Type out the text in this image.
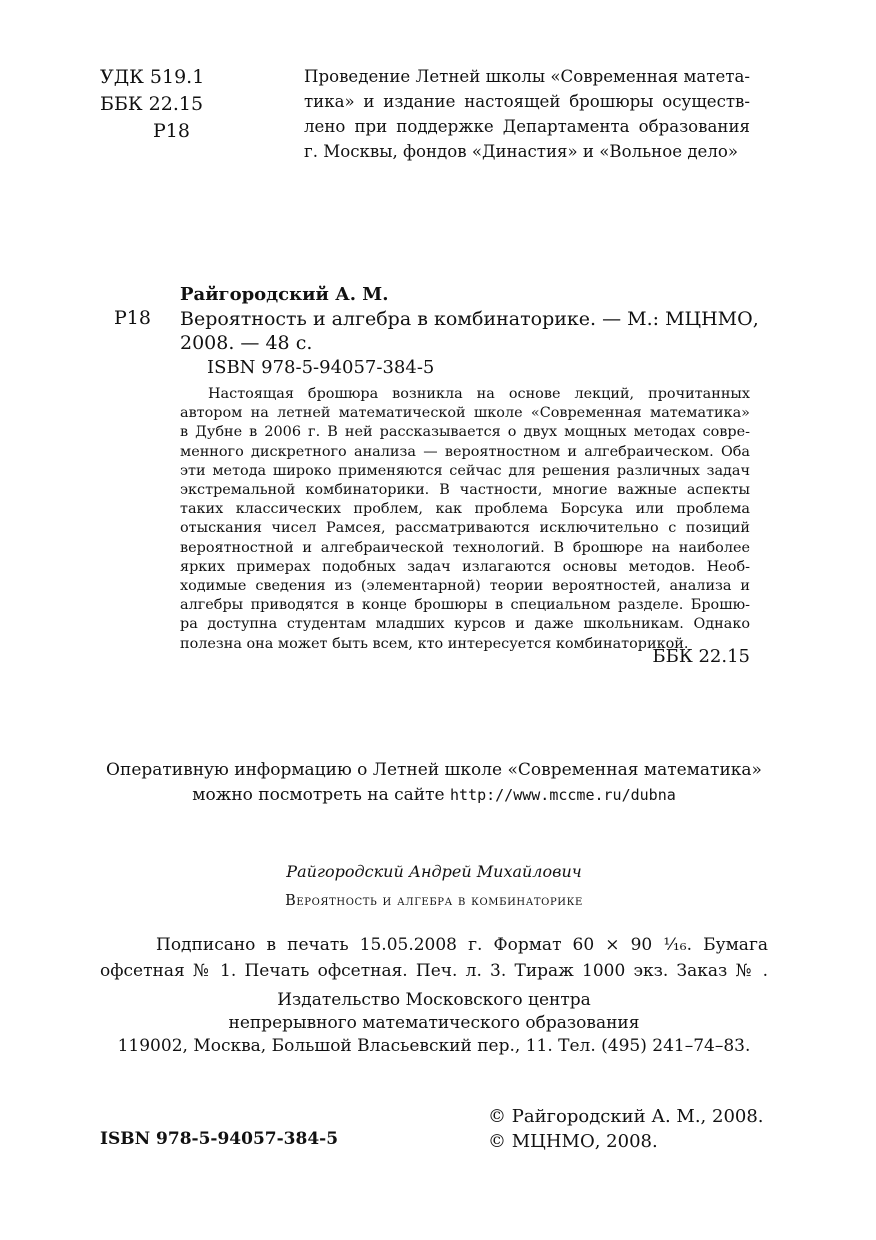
УДК 519.1
ББК 22.15
Р18
Проведение Летней школы «Современная матета-
тика» и издание настоящей брошюры осуществ-
лено при поддержке Департамента образования
г. Москвы, фондов «Династия» и «Вольное дело»
Райгородский А. М.
Р18 Вероятность и алгебра в комбинаторике. — М.: МЦНМО,
2008. — 48 с.
ISBN 978-5-94057-384-5
Настоящая брошюра возникла на основе лекций, прочитанных
автором на летней математической школе «Современная математика»
в Дубне в 2006 г. В ней рассказывается о двух мощных методах совре-
менного дискретного анализа — вероятностном и алгебраическом. Оба
эти метода широко применяются сейчас для решения различных задач
экстремальной комбинаторики. В частности, многие важные аспекты
таких классических проблем, как проблема Борсука или проблема
отыскания чисел Рамсея, рассматриваются исключительно с позиций
вероятностной и алгебраической технологий. В брошюре на наиболее
ярких примерах подобных задач излагаются основы методов. Необ-
ходимые сведения из (элементарной) теории вероятностей, анализа и
алгебры приводятся в конце брошюры в специальном разделе. Брошю-
ра доступна студентам младших курсов и даже школьникам. Однако
полезна она может быть всем, кто интересуется комбинаторикой.
ББК 22.15
Оперативную информацию о Летней школе «Современная математика»
можно посмотреть на сайте http://www.mccme.ru/dubna
Райгородский Андрей Михайлович
Вероятность и алгебра в комбинаторике
Подписано в печать 15.05.2008 г. Формат 60 × 90 ¹⁄₁₆. Бумага
офсетная № 1. Печать офсетная. Печ. л. 3. Тираж 1000 экз. Заказ № .
Издательство Московского центра
непрерывного математического образования
119002, Москва, Большой Власьевский пер., 11. Тел. (495) 241–74–83.
ISBN 978-5-94057-384-5
© Райгородский А. М., 2008.
© МЦНМО, 2008.
